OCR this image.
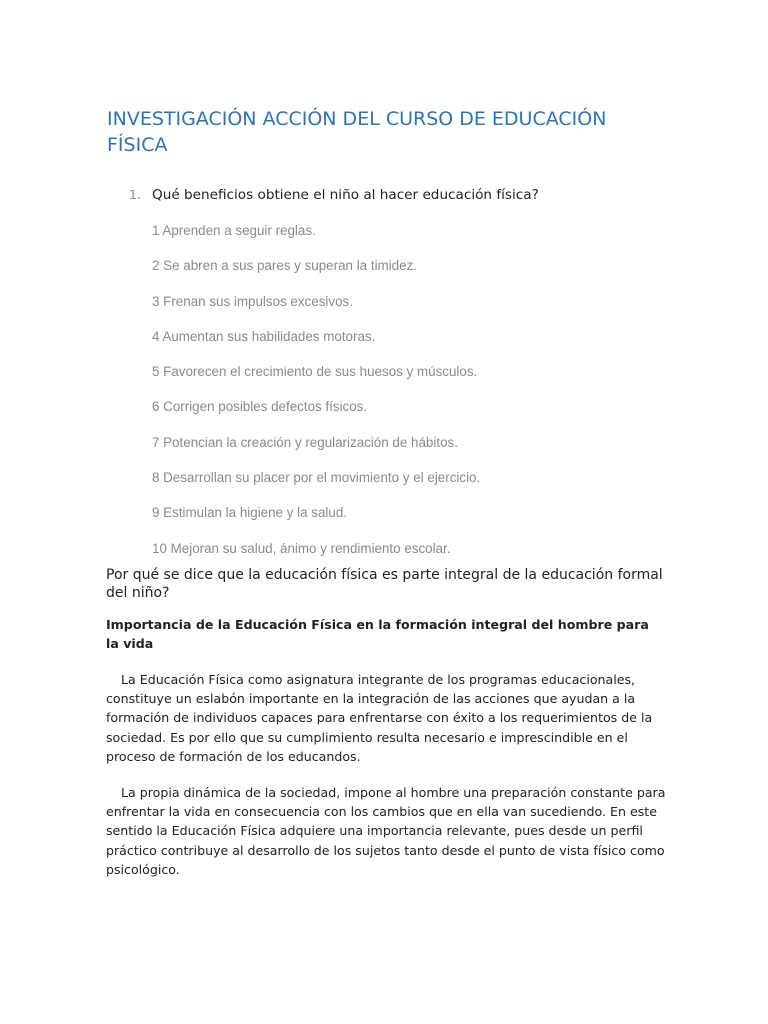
INVESTIGACIÓN ACCIÓN DEL CURSO DE EDUCACIÓN FÍSICA
1. Qué beneficios obtiene el niño al hacer educación física?
1 Aprenden a seguir reglas.
2 Se abren a sus pares y superan la timidez.
3 Frenan sus impulsos excesivos.
4 Aumentan sus habilidades motoras.
5 Favorecen el crecimiento de sus huesos y músculos.
6 Corrigen posibles defectos físicos.
7 Potencian la creación y regularización de hábitos.
8 Desarrollan su placer por el movimiento y el ejercicio.
9 Estimulan la higiene y la salud.
10 Mejoran su salud, ánimo y rendimiento escolar.

Por qué se dice que la educación física es parte integral de la educación formal del niño?

Importancia de la Educación Física en la formación integral del hombre para la vida

La Educación Física como asignatura integrante de los programas educacionales, constituye un eslabón importante en la integración de las acciones que ayudan a la formación de individuos capaces para enfrentarse con éxito a los requerimientos de la sociedad. Es por ello que su cumplimiento resulta necesario e imprescindible en el proceso de formación de los educandos.

La propia dinámica de la sociedad, impone al hombre una preparación constante para enfrentar la vida en consecuencia con los cambios que en ella van sucediendo. En este sentido la Educación Física adquiere una importancia relevante, pues desde un perfil práctico contribuye al desarrollo de los sujetos tanto desde el punto de vista físico como psicológico.
